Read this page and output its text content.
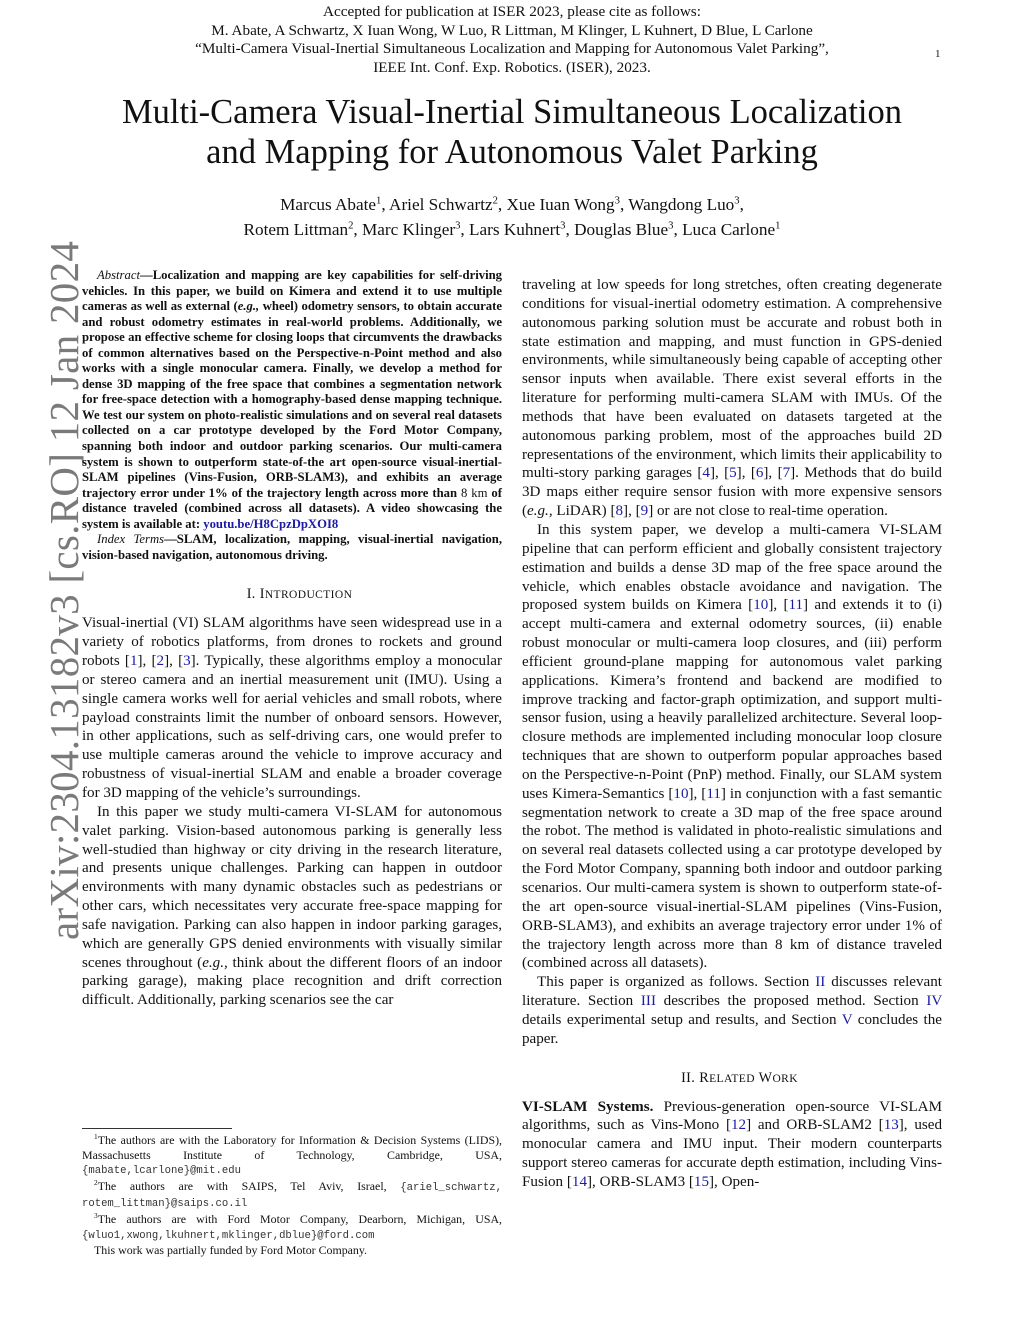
Accepted for publication at ISER 2023, please cite as follows:
M. Abate, A Schwartz, X Iuan Wong, W Luo, R Littman, M Klinger, L Kuhnert, D Blue, L Carlone
“Multi-Camera Visual-Inertial Simultaneous Localization and Mapping for Autonomous Valet Parking”,
IEEE Int. Conf. Exp. Robotics. (ISER), 2023.
1
arXiv:2304.13182v3 [cs.RO] 12 Jan 2024
Multi-Camera Visual-Inertial Simultaneous Localization
and Mapping for Autonomous Valet Parking
Marcus Abate$^1$, Ariel Schwartz$^2$, Xue Iuan Wong$^3$, Wangdong Luo$^3$,
Rotem Littman$^2$, Marc Klinger$^3$, Lars Kuhnert$^3$, Douglas Blue$^3$, Luca Carlone$^1$

Abstract—Localization and mapping are key capabilities for self-driving vehicles. In this paper, we build on Kimera and extend it to use multiple cameras as well as external (e.g., wheel) odometry sensors, to obtain accurate and robust odometry estimates in real-world problems. Additionally, we propose an effective scheme for closing loops that circumvents the drawbacks of common alternatives based on the Perspective-n-Point method and also works with a single monocular camera. Finally, we develop a method for dense 3D mapping of the free space that combines a segmentation network for free-space detection with a homography-based dense mapping technique. We test our system on photo-realistic simulations and on several real datasets collected on a car prototype developed by the Ford Motor Company, spanning both indoor and outdoor parking scenarios. Our multi-camera system is shown to outperform state-of-the art open-source visual-inertial-SLAM pipelines (Vins-Fusion, ORB-SLAM3), and exhibits an average trajectory error under 1% of the trajectory length across more than 8 km of distance traveled (combined across all datasets). A video showcasing the system is available at: youtu.be/H8CpzDpXOI8

Index Terms—SLAM, localization, mapping, visual-inertial navigation, vision-based navigation, autonomous driving.

I. INTRODUCTION

Visual-inertial (VI) SLAM algorithms have seen widespread use in a variety of robotics platforms, from drones to rockets and ground robots [1], [2], [3]. Typically, these algorithms employ a monocular or stereo camera and an inertial measurement unit (IMU). Using a single camera works well for aerial vehicles and small robots, where payload constraints limit the number of onboard sensors. However, in other applications, such as self-driving cars, one would prefer to use multiple cameras around the vehicle to improve accuracy and robustness of visual-inertial SLAM and enable a broader coverage for 3D mapping of the vehicle’s surroundings.

In this paper we study multi-camera VI-SLAM for autonomous valet parking. Vision-based autonomous parking is generally less well-studied than highway or city driving in the research literature, and presents unique challenges. Parking can happen in outdoor environments with many dynamic obstacles such as pedestrians or other cars, which necessitates very accurate free-space mapping for safe navigation. Parking can also happen in indoor parking garages, which are generally GPS denied environments with visually similar scenes throughout (e.g., think about the different floors of an indoor parking garage), making place recognition and drift correction difficult. Additionally, parking scenarios see the car

$^1$The authors are with the Laboratory for Information & Decision Systems (LIDS), Massachusetts Institute of Technology, Cambridge, USA, {mabate,lcarlone}@mit.edu

$^2$The authors are with SAIPS, Tel Aviv, Israel, {ariel_schwartz, rotem_littman}@saips.co.il

$^3$The authors are with Ford Motor Company, Dearborn, Michigan, USA, {wluo1,xwong,lkuhnert,mklinger,dblue}@ford.com

This work was partially funded by Ford Motor Company.

traveling at low speeds for long stretches, often creating degenerate conditions for visual-inertial odometry estimation. A comprehensive autonomous parking solution must be accurate and robust both in state estimation and mapping, and must function in GPS-denied environments, while simultaneously being capable of accepting other sensor inputs when available. There exist several efforts in the literature for performing multi-camera SLAM with IMUs. Of the methods that have been evaluated on datasets targeted at the autonomous parking problem, most of the approaches build 2D representations of the environment, which limits their applicability to multi-story parking garages [4], [5], [6], [7]. Methods that do build 3D maps either require sensor fusion with more expensive sensors (e.g., LiDAR) [8], [9] or are not close to real-time operation.

In this system paper, we develop a multi-camera VI-SLAM pipeline that can perform efficient and globally consistent trajectory estimation and builds a dense 3D map of the free space around the vehicle, which enables obstacle avoidance and navigation. The proposed system builds on Kimera [10], [11] and extends it to (i) accept multi-camera and external odometry sources, (ii) enable robust monocular or multi-camera loop closures, and (iii) perform efficient ground-plane mapping for autonomous valet parking applications. Kimera’s frontend and backend are modified to improve tracking and factor-graph optimization, and support multi-sensor fusion, using a heavily parallelized architecture. Several loop-closure methods are implemented including monocular loop closure techniques that are shown to outperform popular approaches based on the Perspective-n-Point (PnP) method. Finally, our SLAM system uses Kimera-Semantics [10], [11] in conjunction with a fast semantic segmentation network to create a 3D map of the free space around the robot. The method is validated in photo-realistic simulations and on several real datasets collected using a car prototype developed by the Ford Motor Company, spanning both indoor and outdoor parking scenarios. Our multi-camera system is shown to outperform state-of-the art open-source visual-inertial-SLAM pipelines (Vins-Fusion, ORB-SLAM3), and exhibits an average trajectory error under 1% of the trajectory length across more than 8 km of distance traveled (combined across all datasets).

This paper is organized as follows. Section II discusses relevant literature. Section III describes the proposed method. Section IV details experimental setup and results, and Section V concludes the paper.

II. RELATED WORK

VI-SLAM Systems. Previous-generation open-source VI-SLAM algorithms, such as Vins-Mono [12] and ORB-SLAM2 [13], used monocular camera and IMU input. Their modern counterparts support stereo cameras for accurate depth estimation, including Vins-Fusion [14], ORB-SLAM3 [15], Open-
